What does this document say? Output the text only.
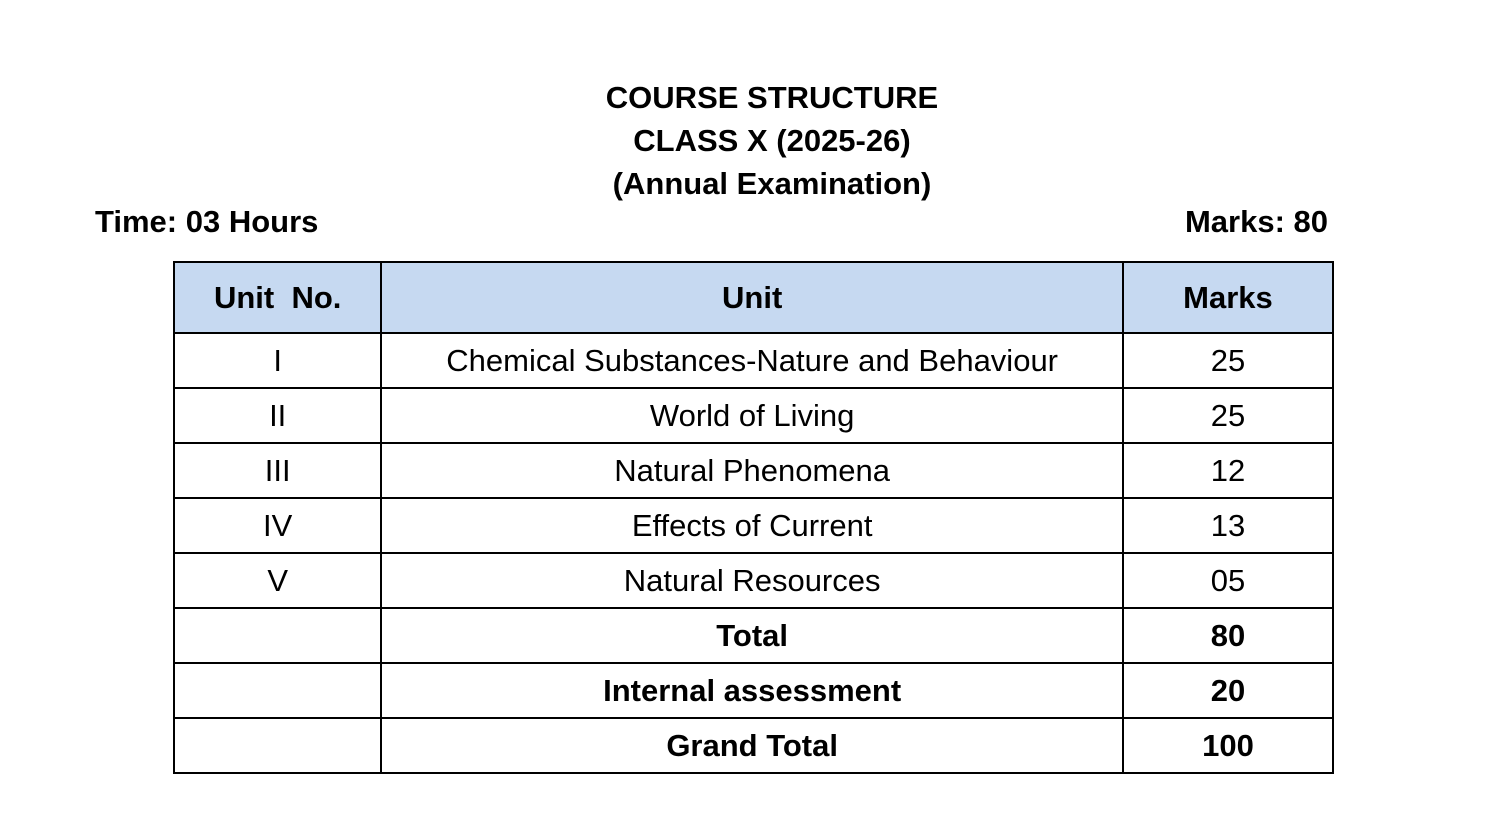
COURSE STRUCTURE
CLASS X (2025-26)
(Annual Examination)
Time: 03 Hours	Marks: 80
Unit  No.	Unit	Marks
I	Chemical Substances-Nature and Behaviour	25
II	World of Living	25
III	Natural Phenomena	12
IV	Effects of Current	13
V	Natural Resources	05
	Total	80
	Internal assessment	20
	Grand Total	100
